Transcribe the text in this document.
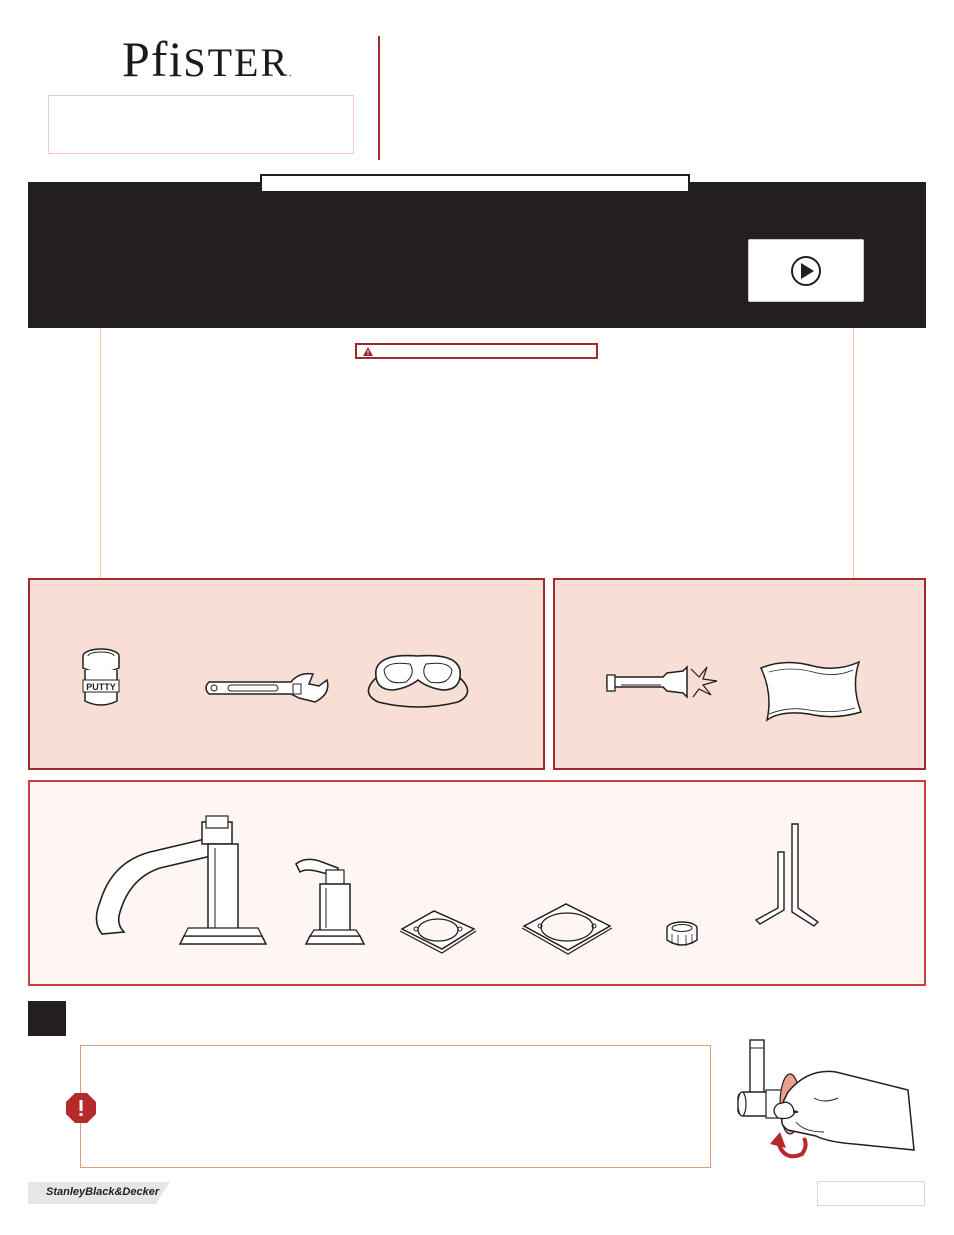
PfiSTER.
PUTTY
StanleyBlack&Decker
